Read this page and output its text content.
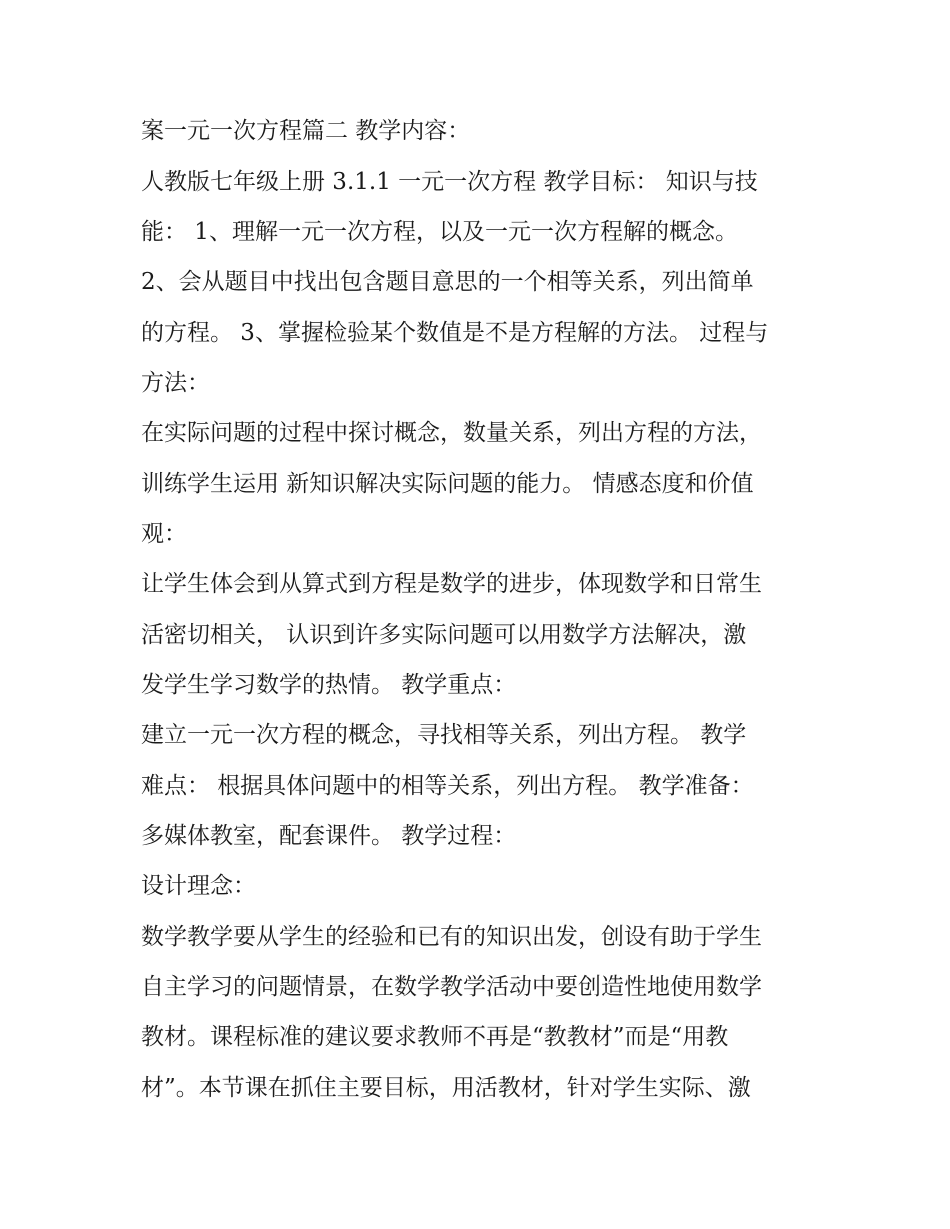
案一元一次方程篇二 教学内容：
人教版七年级上册 3.1.1 一元一次方程 教学目标： 知识与技
能： 1、理解一元一次方程，以及一元一次方程解的概念。
2、会从题目中找出包含题目意思的一个相等关系，列出简单
的方程。 3、掌握检验某个数值是不是方程解的方法。 过程与
方法：
在实际问题的过程中探讨概念，数量关系，列出方程的方法，
训练学生运用 新知识解决实际问题的能力。 情感态度和价值
观：
让学生体会到从算式到方程是数学的进步，体现数学和日常生
活密切相关， 认识到许多实际问题可以用数学方法解决，激
发学生学习数学的热情。 教学重点：
建立一元一次方程的概念，寻找相等关系，列出方程。 教学
难点： 根据具体问题中的相等关系，列出方程。 教学准备：
多媒体教室，配套课件。 教学过程：
设计理念：
数学教学要从学生的经验和已有的知识出发，创设有助于学生
自主学习的问题情景，在数学教学活动中要创造性地使用数学
教材。课程标准的建议要求教师不再是“教教材”而是“用教
材”。本节课在抓住主要目标，用活教材，针对学生实际、激
